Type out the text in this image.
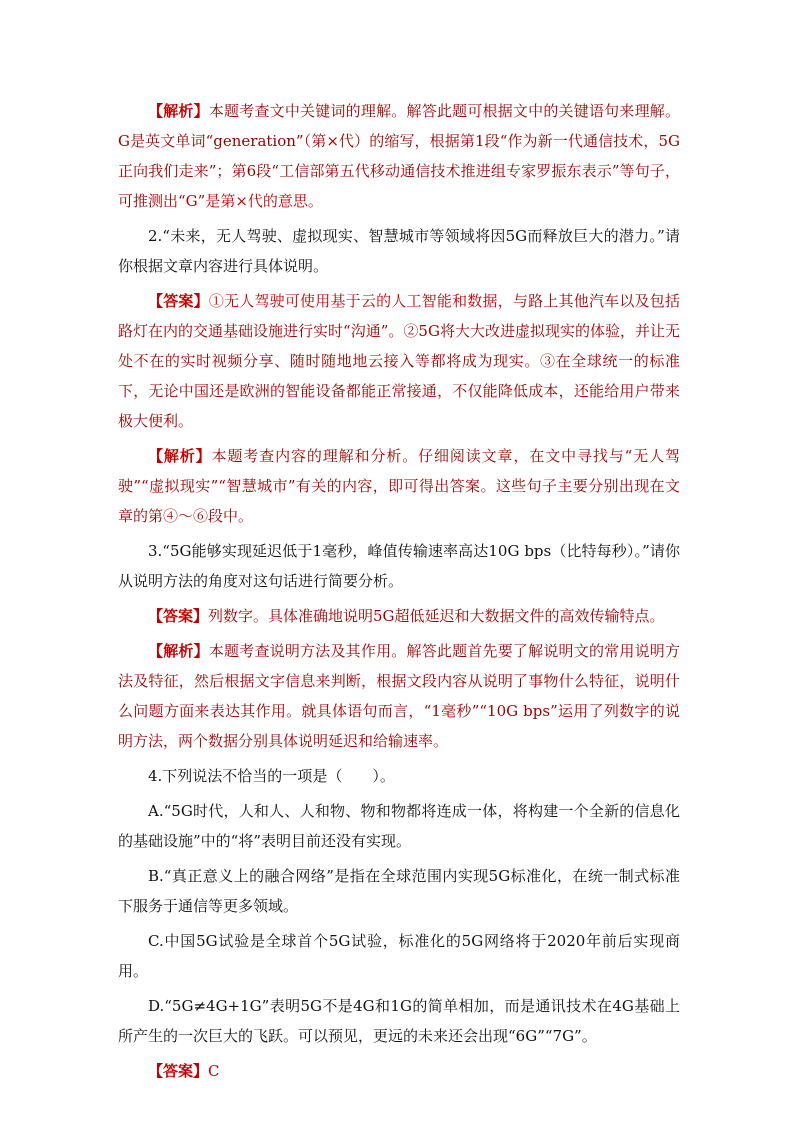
【解析】本题考查文中关键词的理解。解答此题可根据文中的关键语句来理解。G是英文单词“generation”（第×代）的缩写，根据第1段“作为新一代通信技术，5G正向我们走来”；第6段“工信部第五代移动通信技术推进组专家罗振东表示”等句子，可推测出“G”是第×代的意思。

2.“未来，无人驾驶、虚拟现实、智慧城市等领域将因5G而释放巨大的潜力。”请你根据文章内容进行具体说明。

【答案】①无人驾驶可使用基于云的人工智能和数据，与路上其他汽车以及包括路灯在内的交通基础设施进行实时“沟通”。②5G将大大改进虚拟现实的体验，并让无处不在的实时视频分享、随时随地地云接入等都将成为现实。③在全球统一的标准下，无论中国还是欧洲的智能设备都能正常接通，不仅能降低成本，还能给用户带来极大便利。

【解析】本题考查内容的理解和分析。仔细阅读文章，在文中寻找与“无人驾驶”“虚拟现实”“智慧城市”有关的内容，即可得出答案。这些句子主要分别出现在文章的第④～⑥段中。

3.“5G能够实现延迟低于1毫秒，峰值传输速率高达10G bps（比特每秒）。”请你从说明方法的角度对这句话进行简要分析。

【答案】列数字。具体准确地说明5G超低延迟和大数据文件的高效传输特点。

【解析】本题考查说明方法及其作用。解答此题首先要了解说明文的常用说明方法及特征，然后根据文字信息来判断，根据文段内容从说明了事物什么特征，说明什么问题方面来表达其作用。就具体语句而言，“1毫秒”“10G bps”运用了列数字的说明方法，两个数据分别具体说明延迟和给输速率。

4.下列说法不恰当的一项是（　　）。

A.“5G时代，人和人、人和物、物和物都将连成一体，将构建一个全新的信息化的基础设施”中的“将”表明目前还没有实现。

B.“真正意义上的融合网络”是指在全球范围内实现5G标准化，在统一制式标准下服务于通信等更多领域。

C.中国5G试验是全球首个5G试验，标准化的5G网络将于2020年前后实现商用。

D.“5G≠4G+1G”表明5G不是4G和1G的简单相加，而是通讯技术在4G基础上所产生的一次巨大的飞跃。可以预见，更远的未来还会出现“6G”“7G”。

【答案】C
